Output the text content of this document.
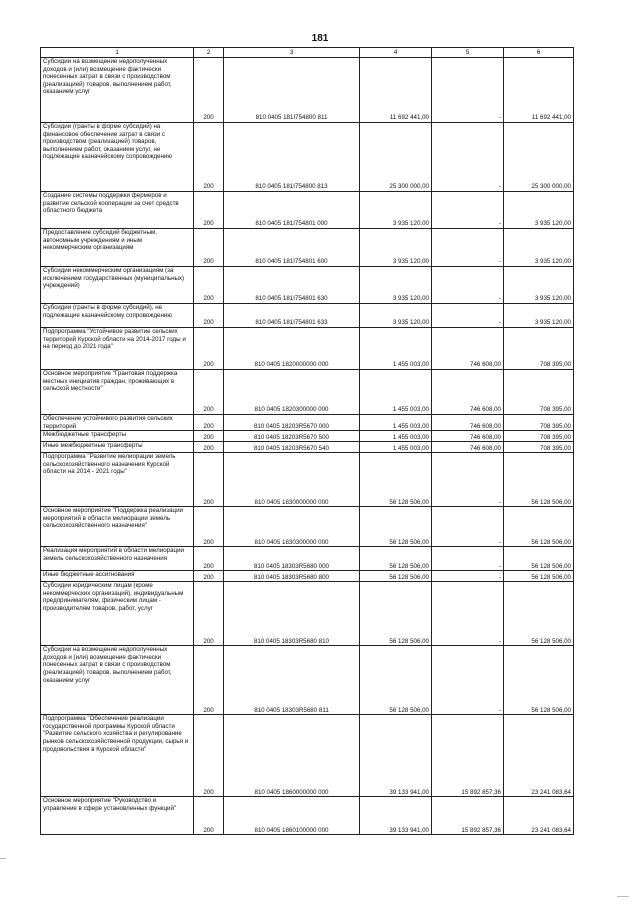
181
1	2	3	4	5	6
Субсидии на возмещение недополученных доходов и (или) возмещение фактически понесенных затрат в связи с производством (реализацией) товаров, выполнением работ, оказанием услуг	200	810 0405 181I754800 811	11 692 441,00	-	11 692 441,00
Субсидии (гранты в форме субсидий) на финансовое обеспечение затрат в связи с производством (реализацией) товаров, выполнением работ, оказанием услуг, не подлежащие казначейскому сопровождению	200	810 0405 181I754800 813	25 300 000,00	-	25 300 000,00
Создание системы поддержки фермеров и развитие сельской кооперации за счет средств областного бюджета	200	810 0405 181I754801 000	3 935 120,00	-	3 935 120,00
Предоставление субсидий бюджетным, автономным учреждениям и иным некоммерческим организациям	200	810 0405 181I754801 600	3 935 120,00	-	3 935 120,00
Субсидии некоммерческим организациям (за исключением государственных (муниципальных) учреждений)	200	810 0405 181I754801 630	3 935 120,00	-	3 935 120,00
Субсидии (гранты в форме субсидий), не подлежащие казначейскому сопровождению	200	810 0405 181I754801 633	3 935 120,00	-	3 935 120,00
Подпрограмма "Устойчивое развитие сельских территорий Курской области на 2014-2017 годы и на период до 2021 года"	200	810 0405 1820000000 000	1 455 003,00	746 608,00	708 395,00
Основное мероприятие "Грантовая поддержка местных инициатив граждан, проживающих в сельской местности"	200	810 0405 1820300000 000	1 455 003,00	746 608,00	708 395,00
Обеспечение устойчивого развития сельских территорий	200	810 0405 18203R5670 000	1 455 003,00	746 608,00	708 395,00
Межбюджетные трансферты	200	810 0405 18203R5670 500	1 455 003,00	746 608,00	708 395,00
Иные межбюджетные трансферты	200	810 0405 18203R5670 540	1 455 003,00	746 608,00	708 395,00
Подпрограмма "Развитие мелиорации земель сельскохозяйственного назначения Курской области на 2014 - 2021 годы"	200	810 0405 1830000000 000	56 128 506,00	-	56 128 506,00
Основное мероприятие "Поддержка реализации мероприятий в области мелиорации земель сельскохозяйственного назначения"	200	810 0405 1830300000 000	56 128 506,00	-	56 128 506,00
Реализация мероприятий в области мелиорации земель сельскохозяйственного назначения	200	810 0405 18303R5680 000	56 128 506,00	-	56 128 506,00
Иные бюджетные ассигнования	200	810 0405 18303R5680 800	56 128 506,00	-	56 128 506,00
Субсидии юридическим лицам (кроме некоммерческих организаций), индивидуальным предпринимателям, физическим лицам - производителям товаров, работ, услуг	200	810 0405 18303R5680 810	56 128 506,00	-	56 128 506,00
Субсидии на возмещение недополученных доходов и (или) возмещение фактически понесенных затрат в связи с производством (реализацией) товаров, выполнением работ, оказанием услуг	200	810 0405 18303R5680 811	56 128 506,00	-	56 128 506,00
Подпрограмма "Обеспечение реализации государственной программы Курской области "Развитие сельского хозяйства и регулирование рынков сельскохозяйственной продукции, сырья и продовольствия в Курской области"	200	810 0405 1860000000 000	39 133 941,00	15 892 857,36	23 241 083,64
Основное мероприятие "Руководство и управление в сфере установленных функций"	200	810 0405 1860100000 000	39 133 941,00	15 892 857,36	23 241 083,64
